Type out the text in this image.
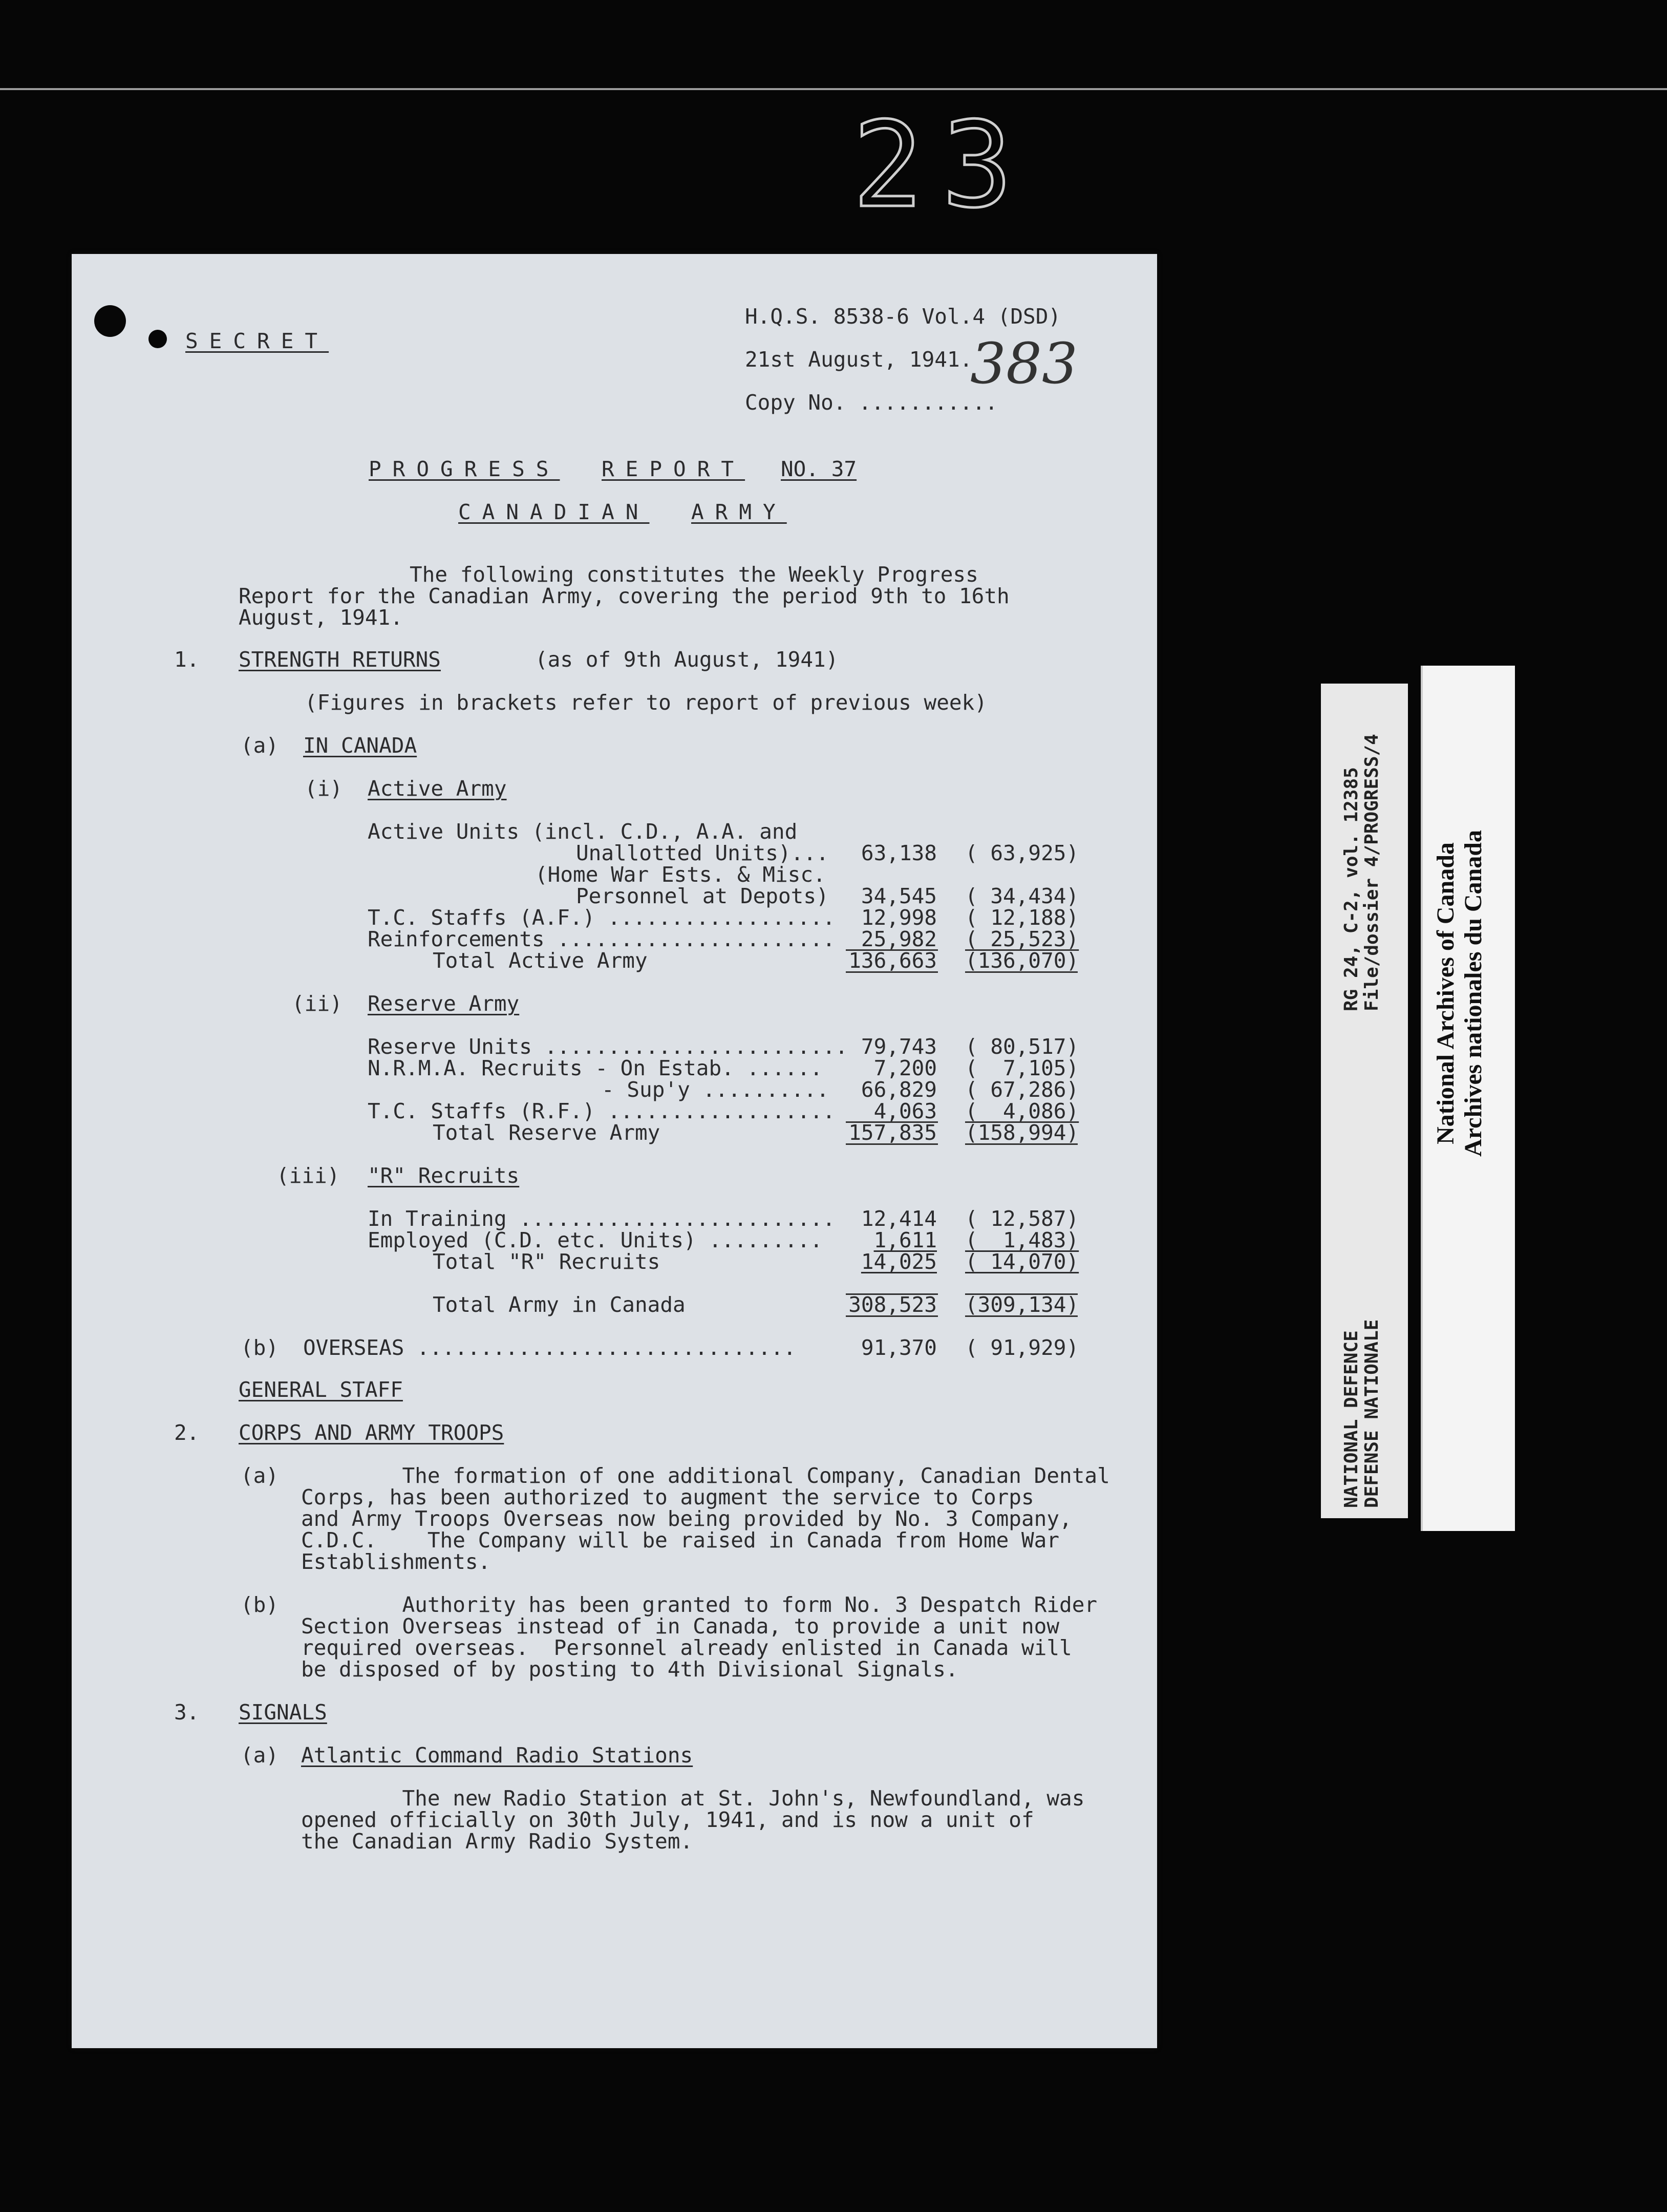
23
SECRET
H.Q.S. 8538-6 Vol.4 (DSD)
21st August, 1941.
383
Copy No. ...........
PROGRESS REPORT NO. 37
CANADIAN ARMY
The following constitutes the Weekly Progress
Report for the Canadian Army, covering the period 9th to 16th
August, 1941.
1. STRENGTH RETURNS	(as of 9th August, 1941)
(Figures in brackets refer to report of previous week)
(a) IN CANADA
(i) Active Army
Active Units (incl. C.D., A.A. and
Unallotted Units)...	63,138 ( 63,925)
(Home War Ests. & Misc.
Personnel at Depots)	34,545 ( 34,434)
T.C. Staffs (A.F.) ..................	12,998 ( 12,188)
Reinforcements ......................	25,982 ( 25,523)
Total Active Army	136,663 (136,070)
(ii) Reserve Army
Reserve Units ........................ 79,743 ( 80,517)
N.R.M.A. Recruits - On Estab. ......	7,200 (  7,105)
- Sup'y ..........	66,829 ( 67,286)
T.C. Staffs (R.F.) ..................	4,063 (  4,086)
Total Reserve Army	157,835 (158,994)
(iii) "R" Recruits
In Training .........................	12,414 ( 12,587)
Employed (C.D. etc. Units) .........	1,611 (  1,483)
Total "R" Recruits	14,025 ( 14,070)
Total Army in Canada	308,523 (309,134)
(b) OVERSEAS ..............................	91,370 ( 91,929)
GENERAL STAFF
2. CORPS AND ARMY TROOPS
(a) The formation of one additional Company, Canadian Dental
Corps, has been authorized to augment the service to Corps
and Army Troops Overseas now being provided by No. 3 Company,
C.D.C.    The Company will be raised in Canada from Home War
Establishments.
(b) Authority has been granted to form No. 3 Despatch Rider
Section Overseas instead of in Canada, to provide a unit now
required overseas.  Personnel already enlisted in Canada will
be disposed of by posting to 4th Divisional Signals.
3. SIGNALS
(a) Atlantic Command Radio Stations
The new Radio Station at St. John's, Newfoundland, was
opened officially on 30th July, 1941, and is now a unit of
the Canadian Army Radio System.
RG 24, C-2, vol. 12385 File/dossier 4/PROGRESS/4
NATIONAL DEFENCE DEFENSE NATIONALE
National Archives of Canada Archives nationales du Canada
